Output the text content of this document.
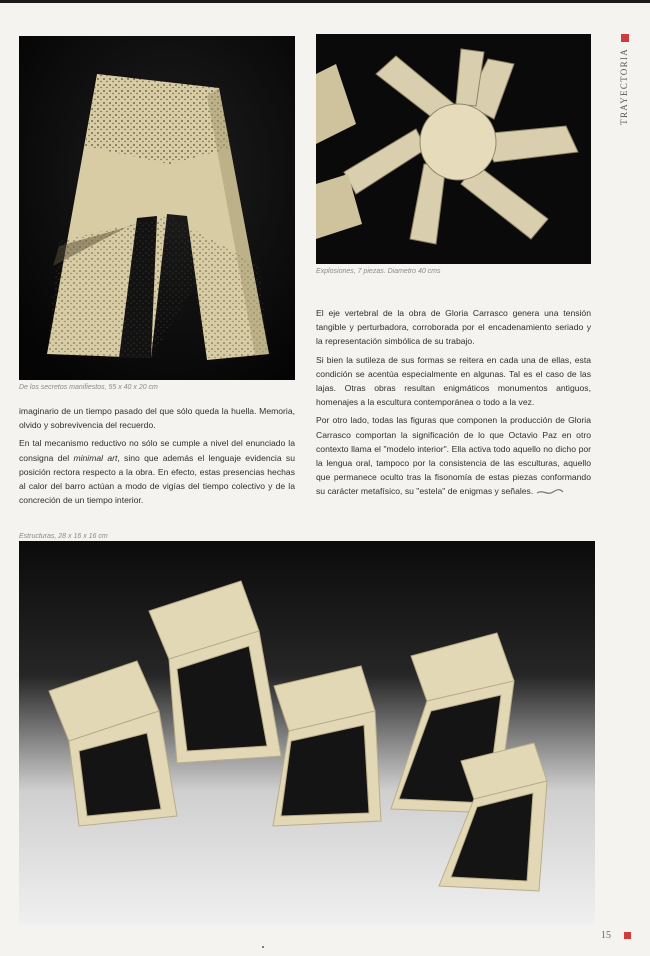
De los secretos manifiestos, 55 x 40 x 20 cm

Explosiones, 7 piezas. Diametro 40 cms

TRAYECTORIA

imaginario de un tiempo pasado del que sólo queda la huella. Memoria, olvido y sobrevivencia del recuerdo.

En tal mecanismo reductivo no sólo se cumple a nivel del enunciado la consigna del minimal art, sino que además el lenguaje evidencia su posición rectora respecto a la obra. En efecto, estas presencias hechas al calor del barro actúan a modo de vigías del tiempo colectivo y de la concreción de un tiempo interior.

El eje vertebral de la obra de Gloria Carrasco genera una tensión tangible y perturbadora, corroborada por el encadenamiento seriado y la representación simbólica de su trabajo.

Si bien la sutileza de sus formas se reitera en cada una de ellas, esta condición se acentúa especialmente en algunas. Tal es el caso de las lajas. Otras obras resultan enigmáticos monumentos antiguos, homenajes a la escultura contemporánea o todo a la vez.

Por otro lado, todas las figuras que componen la producción de Gloria Carrasco comportan la significación de lo que Octavio Paz en otro contexto llama el "modelo interior". Ella activa todo aquello no dicho por la lengua oral, tampoco por la consistencia de las esculturas, aquello que permanece oculto tras la fisonomía de estas piezas conformando su carácter metafísico, su "estela" de enigmas y señales.

Estructuras, 28 x 16 x 16 cm

15
